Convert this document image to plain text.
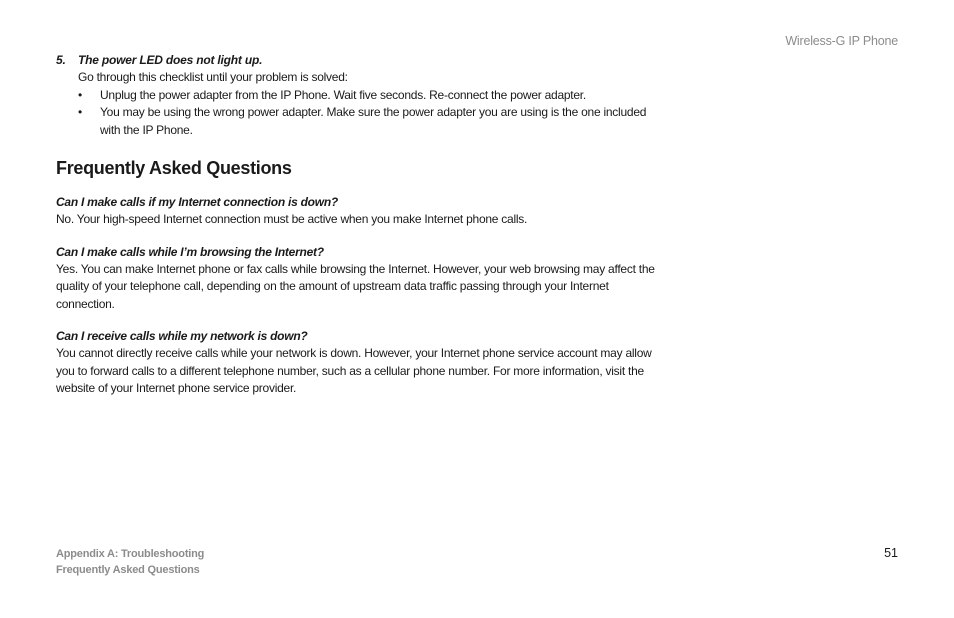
Wireless-G IP Phone
5.	The power LED does not light up.
Go through this checklist until your problem is solved:
• Unplug the power adapter from the IP Phone. Wait five seconds. Re-connect the power adapter.
• You may be using the wrong power adapter. Make sure the power adapter you are using is the one included with the IP Phone.
Frequently Asked Questions
Can I make calls if my Internet connection is down?
No. Your high-speed Internet connection must be active when you make Internet phone calls.
Can I make calls while I’m browsing the Internet?
Yes. You can make Internet phone or fax calls while browsing the Internet. However, your web browsing may affect the quality of your telephone call, depending on the amount of upstream data traffic passing through your Internet connection.
Can I receive calls while my network is down?
You cannot directly receive calls while your network is down. However, your Internet phone service account may allow you to forward calls to a different telephone number, such as a cellular phone number. For more information, visit the website of your Internet phone service provider.
Appendix A: Troubleshooting
Frequently Asked Questions
51
